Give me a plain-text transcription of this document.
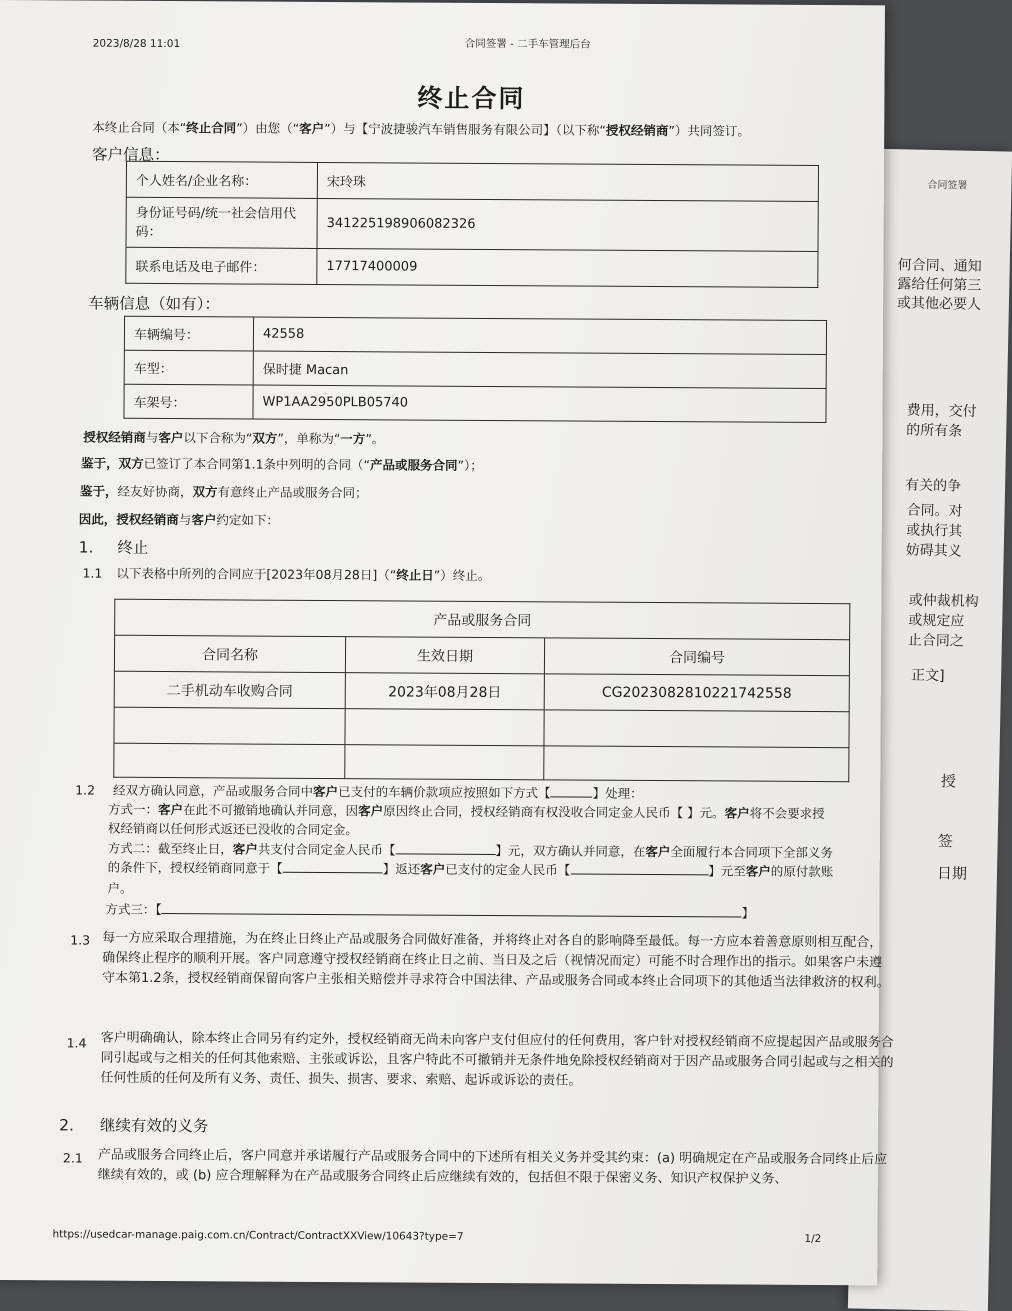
合同签署
何合同、通知
露给任何第三
或其他必要人
费用，交付
的所有条
有关的争
合同。对
或执行其
妨碍其义
或仲裁机构
或规定应
止合同之
正文]
授
签
日期
2023/8/28 11:01	合同签署 - 二手车管理后台
终止合同
本终止合同（本“终止合同”）由您（“客户”）与【宁波捷骏汽车销售服务有限公司】（以下称“授权经销商”）共同签订。
客户信息：
个人姓名/企业名称：	宋玲珠
身份证号码/统一社会信用代码：	341225198906082326
联系电话及电子邮件：	17717400009
车辆信息（如有）：
车辆编号：	42558
车型：	保时捷 Macan
车架号：	WP1AA2950PLB05740
授权经销商与客户以下合称为“双方”，单称为“一方”。
鉴于，双方已签订了本合同第1.1条中列明的合同（“产品或服务合同”）；
鉴于，经友好协商，双方有意终止产品或服务合同；
因此，授权经销商与客户约定如下：
1. 终止
1.1 以下表格中所列的合同应于[2023年08月28日]（“终止日”）终止。
产品或服务合同		
合同名称	生效日期	合同编号
二手机动车收购合同	2023年08月28日	CG2023082810221742558

1.2 经双方确认同意，产品或服务合同中客户已支付的车辆价款项应按照如下方式【	】处理：
方式一：客户在此不可撤销地确认并同意，因客户原因终止合同，授权经销商有权没收合同定金人民币【 】元。客户将不会要求授
权经销商以任何形式返还已没收的合同定金。
方式二：截至终止日，客户共支付合同定金人民币【	】元，双方确认并同意，在客户全面履行本合同项下全部义务
的条件下，授权经销商同意于【	】返还客户已支付的定金人民币【	】元至客户的原付款账
户。
方式三：【	】
1.3 每一方应采取合理措施，为在终止日终止产品或服务合同做好准备，并将终止对各自的影响降至最低。每一方应本着善意原则相互配合，确保终止程序的顺利开展。客户同意遵守授权经销商在终止日之前、当日及之后（视情况而定）可能不时合理作出的指示。如果客户未遵守本第1.2条，授权经销商保留向客户主张相关赔偿并寻求符合中国法律、产品或服务合同或本终止合同项下的其他适当法律救济的权利。
1.4 客户明确确认，除本终止合同另有约定外，授权经销商无尚未向客户支付但应付的任何费用，客户针对授权经销商不应提起因产品或服务合同引起或与之相关的任何其他索赔、主张或诉讼，且客户特此不可撤销并无条件地免除授权经销商对于因产品或服务合同引起或与之相关的任何性质的任何及所有义务、责任、损失、损害、要求、索赔、起诉或诉讼的责任。
2. 继续有效的义务
2.1 产品或服务合同终止后，客户同意并承诺履行产品或服务合同中的下述所有相关义务并受其约束：(a) 明确规定在产品或服务合同终止后应继续有效的，或 (b) 应合理解释为在产品或服务合同终止后应继续有效的，包括但不限于保密义务、知识产权保护义务、
https://usedcar-manage.paig.com.cn/Contract/ContractXXView/10643?type=7	1/2
